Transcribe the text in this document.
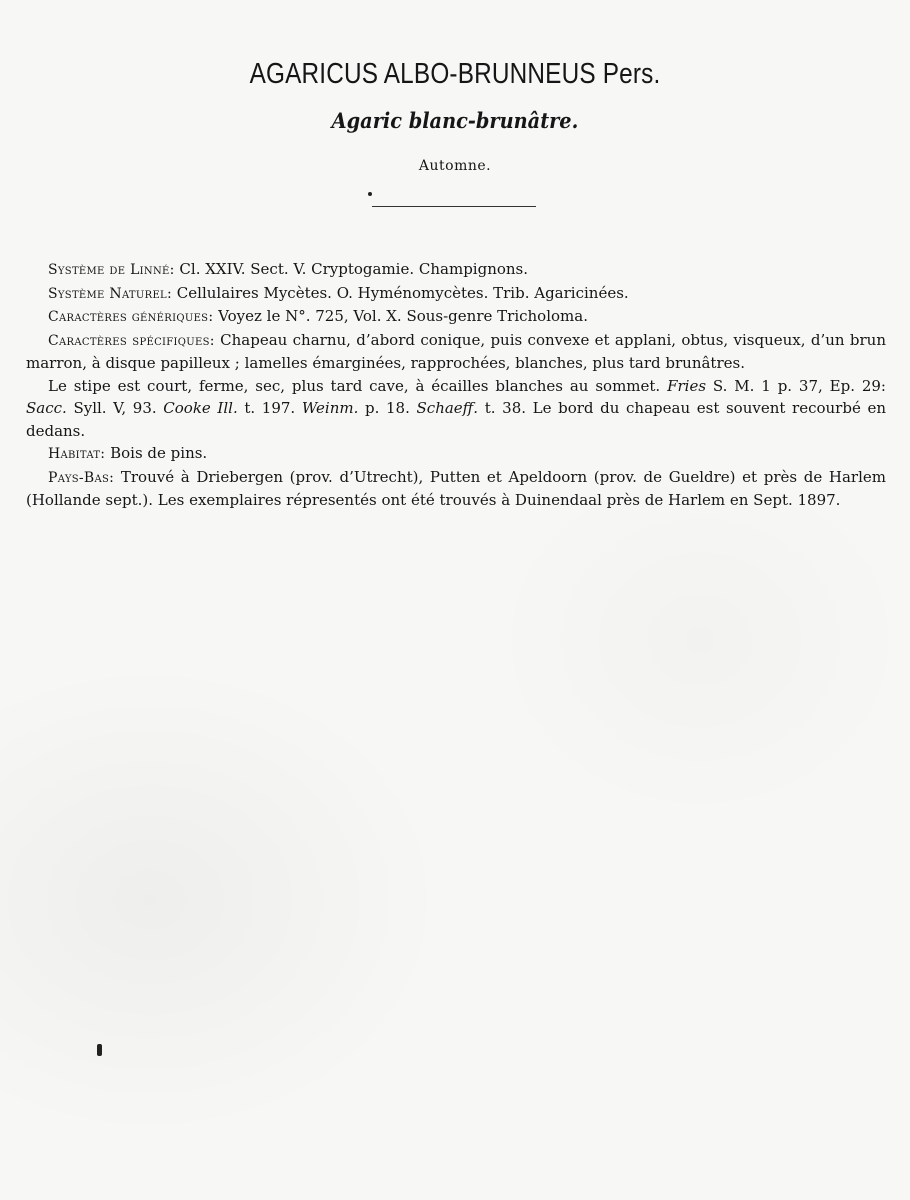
AGARICUS ALBO-BRUNNEUS Pers.
Agaric blanc-brunâtre.
Automne.

Système de Linné: Cl. XXIV. Sect. V. Cryptogamie. Champignons.

Système Naturel: Cellulaires Mycètes. O. Hyménomycètes. Trib. Agaricinées.

Caractères génériques: Voyez le N°. 725, Vol. X. Sous-genre Tricholoma.

Caractères spécifiques: Chapeau charnu, d’abord conique, puis convexe et applani, obtus, visqueux, d’un brun marron, à disque papilleux ; lamelles émarginées, rapprochées, blanches, plus tard brunâtres.

Le stipe est court, ferme, sec, plus tard cave, à écailles blanches au sommet. Fries S. M. 1 p. 37, Ep. 29: Sacc. Syll. V, 93. Cooke Ill. t. 197. Weinm. p. 18. Schaeff. t. 38. Le bord du chapeau est souvent recourbé en dedans.

Habitat: Bois de pins.

Pays-Bas: Trouvé à Driebergen (prov. d’Utrecht), Putten et Apeldoorn (prov. de Gueldre) et près de Harlem (Hollande sept.). Les exemplaires répresentés ont été trouvés à Duinendaal près de Harlem en Sept. 1897.
